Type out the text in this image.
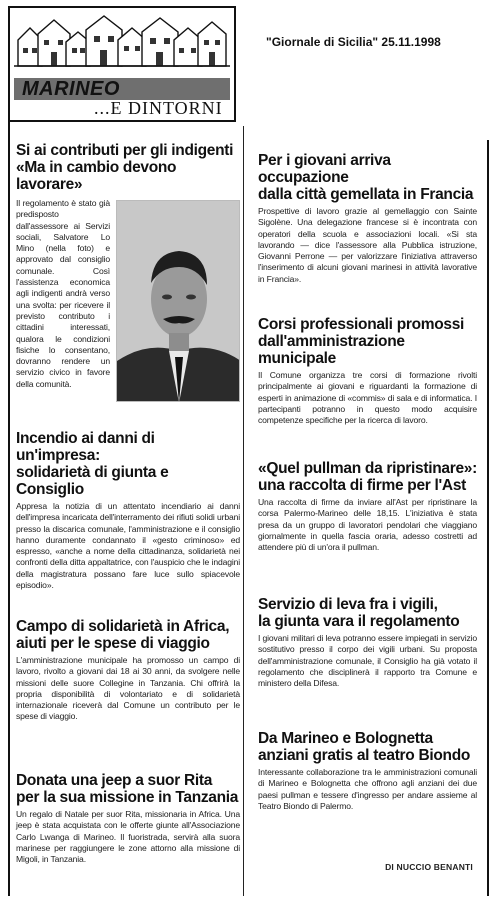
MARINEO
...E DINTORNI
"Giornale di Sicilia" 25.11.1998
Si ai contributi per gli indigenti
«Ma in cambio devono lavorare»
Il regolamento è stato già predisposto dall'assessore ai Servizi sociali, Salvatore Lo Mino (nella foto) e approvato dal consiglio comunale. Così l'assistenza economica agli indigenti andrà verso una svolta: per ricevere il previsto contributo i cittadini interessati, qualora le condizioni fisiche lo consentano, dovranno rendere un servizio civico in favore della comunità.
Incendio ai danni di un'impresa:
solidarietà di giunta e Consiglio
Appresa la notizia di un attentato incendiario ai danni dell'impresa incaricata dell'interramento dei rifiuti solidi urbani presso la discarica comunale, l'amministrazione e il consiglio hanno duramente condannato il «gesto criminoso» ed espresso, «anche a nome della cittadinanza, solidarietà nei confronti della ditta appaltatrice, con l'auspicio che le indagini della magistratura possano fare luce sullo spiacevole episodio».
Campo di solidarietà in Africa,
aiuti per le spese di viaggio
L'amministrazione municipale ha promosso un campo di lavoro, rivolto a giovani dai 18 ai 30 anni, da svolgere nelle missioni delle suore Collegine in Tanzania. Chi offrirà la propria disponibilità di volontariato e di solidarietà internazionale riceverà dal Comune un contributo per le spese di viaggio.
Donata una jeep a suor Rita
per la sua missione in Tanzania
Un regalo di Natale per suor Rita, missionaria in Africa. Una jeep è stata acquistata con le offerte giunte all'Associazione Carlo Lwanga di Marineo. Il fuoristrada, servirà alla suora marinese per raggiungere le zone attorno alla missione di Migoli, in Tanzania.
Per i giovani arriva occupazione
dalla città gemellata in Francia
Prospettive di lavoro grazie al gemellaggio con Sainte Sigolène. Una delegazione francese si è incontrata con operatori della scuola e associazioni locali. «Si sta lavorando — dice l'assessore alla Pubblica istruzione, Giovanni Perrone — per valorizzare l'iniziativa attraverso l'inserimento di alcuni giovani marinesi in attività lavorative in Francia».
Corsi professionali promossi
dall'amministrazione municipale
Il Comune organizza tre corsi di formazione rivolti principalmente ai giovani e riguardanti la formazione di esperti in animazione di «commis» di sala e di informatica. I partecipanti potranno in questo modo acquisire competenze specifiche per la ricerca di lavoro.
«Quel pullman da ripristinare»:
una raccolta di firme per l'Ast
Una raccolta di firme da inviare all'Ast per ripristinare la corsa Palermo-Marineo delle 18,15. L'iniziativa è stata presa da un gruppo di lavoratori pendolari che viaggiano giornalmente in quella fascia oraria, adesso costretti ad attendere più di un'ora il pullman.
Servizio di leva fra i vigili,
la giunta vara il regolamento
I giovani militari di leva potranno essere impiegati in servizio sostitutivo presso il corpo dei vigili urbani. Su proposta dell'amministrazione comunale, il Consiglio ha già votato il regolamento che disciplinerà il rapporto tra Comune e ministero della Difesa.
Da Marineo e Bolognetta
anziani gratis al teatro Biondo
Interessante collaborazione tra le amministrazioni comunali di Marineo e Bolognetta che offrono agli anziani dei due paesi pullman e tessere d'ingresso per andare assieme al Teatro Biondo di Palermo.
DI NUCCIO BENANTI
